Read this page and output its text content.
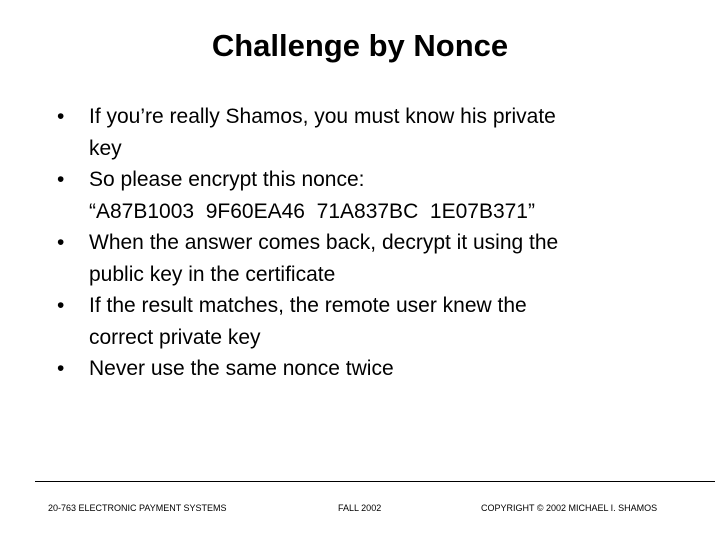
Challenge by Nonce
•	If you’re really Shamos, you must know his private
key
•	So please encrypt this nonce:
“A87B1003  9F60EA46  71A837BC  1E07B371”
•	When the answer comes back, decrypt it using the
public key in the certificate
•	If the result matches, the remote user knew the
correct private key
•	Never use the same nonce twice
20-763 ELECTRONIC PAYMENT SYSTEMS	FALL 2002	COPYRIGHT © 2002 MICHAEL I. SHAMOS
